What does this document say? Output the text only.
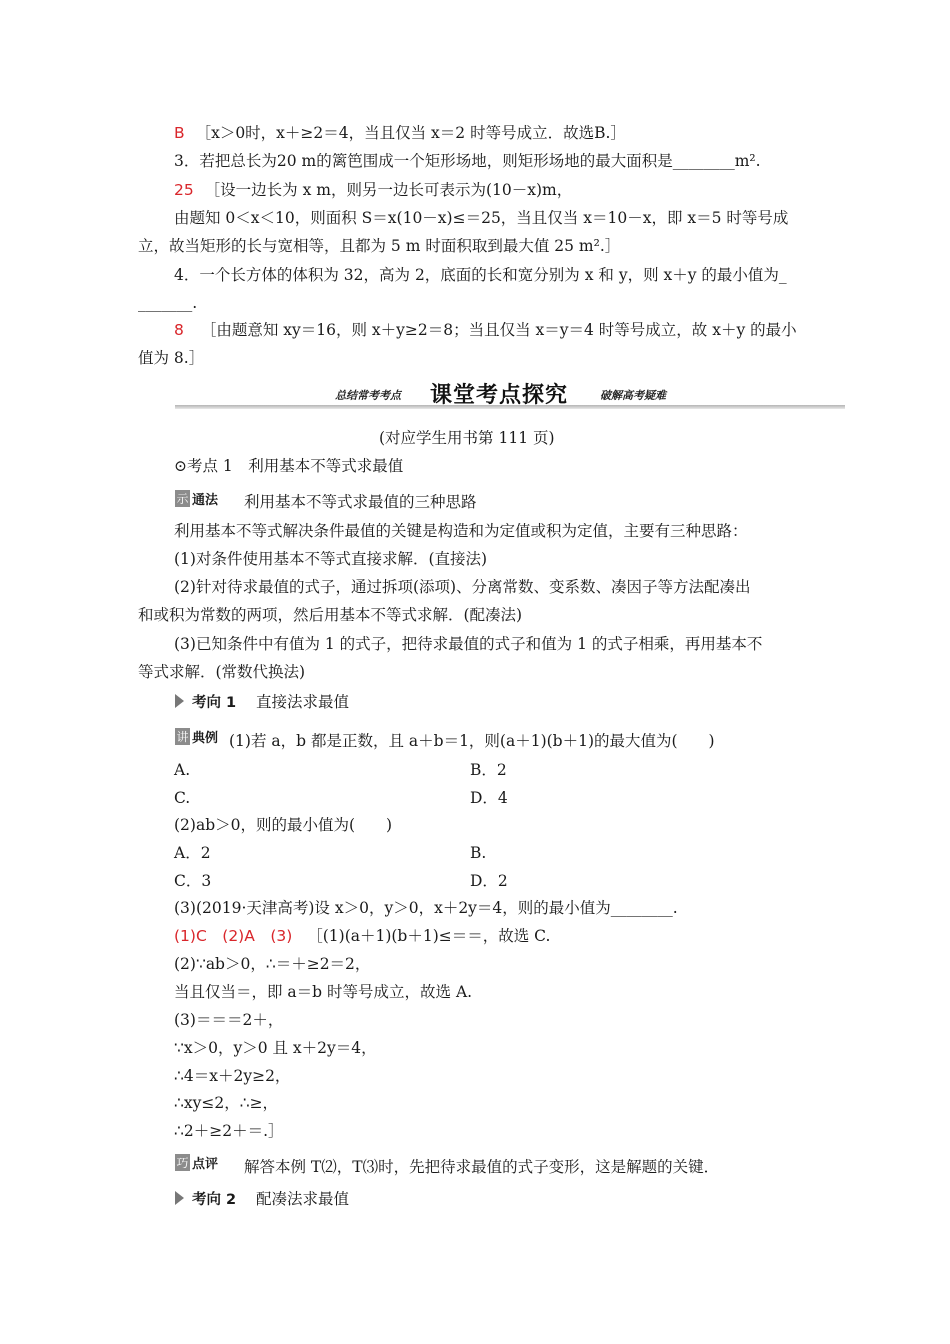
B ［x＞0时，x＋≥2＝4，当且仅当 x＝2 时等号成立．故选B.］
3．若把总长为20 m的篱笆围成一个矩形场地，则矩形场地的最大面积是________m².
25 ［设一边长为 x m，则另一边长可表示为(10－x)m，
由题知 0＜x＜10，则面积 S＝x(10－x)≤＝25，当且仅当 x＝10－x，即 x＝5 时等号成
立，故当矩形的长与宽相等，且都为 5 m 时面积取到最大值 25 m².］
4．一个长方体的体积为 32，高为 2，底面的长和宽分别为 x 和 y，则 x＋y 的最小值为_
_______.
8 ［由题意知 xy＝16，则 x＋y≥2＝8；当且仅当 x＝y＝4 时等号成立，故 x＋y 的最小
值为 8.］
总结常考考点 课堂考点探究	破解高考疑难
(对应学生用书第 111 页)
⊙考点 1　利用基本不等式求最值
示 通法 利用基本不等式求最值的三种思路
利用基本不等式解决条件最值的关键是构造和为定值或积为定值，主要有三种思路：
(1)对条件使用基本不等式直接求解．(直接法)
(2)针对待求最值的式子，通过拆项(添项)、分离常数、变系数、凑因子等方法配凑出
和或积为常数的两项，然后用基本不等式求解．(配凑法)
(3)已知条件中有值为 1 的式子，把待求最值的式子和值为 1 的式子相乘，再用基本不
等式求解．(常数代换法)
考向 1 直接法求最值
讲 典例 (1)若 a，b 都是正数，且 a＋b＝1，则(a＋1)(b＋1)的最大值为(　　)
A.	B．2
C.	D．4
(2)ab＞0，则的最小值为(　　)
A．2	B.
C．3	D．2
(3)(2019·天津高考)设 x＞0，y＞0，x＋2y＝4，则的最小值为________.
(1)C　(2)A　(3) ［(1)(a＋1)(b＋1)≤＝＝，故选 C.
(2)∵ab＞0，∴＝＋≥2＝2，
当且仅当＝，即 a＝b 时等号成立，故选 A.
(3)＝＝＝2＋，
∵x＞0，y＞0 且 x＋2y＝4，
∴4＝x＋2y≥2，
∴xy≤2，∴≥，
∴2＋≥2＋＝.］
巧 点评 解答本例 T⑵，T⑶时，先把待求最值的式子变形，这是解题的关键．
考向 2 配凑法求最值
